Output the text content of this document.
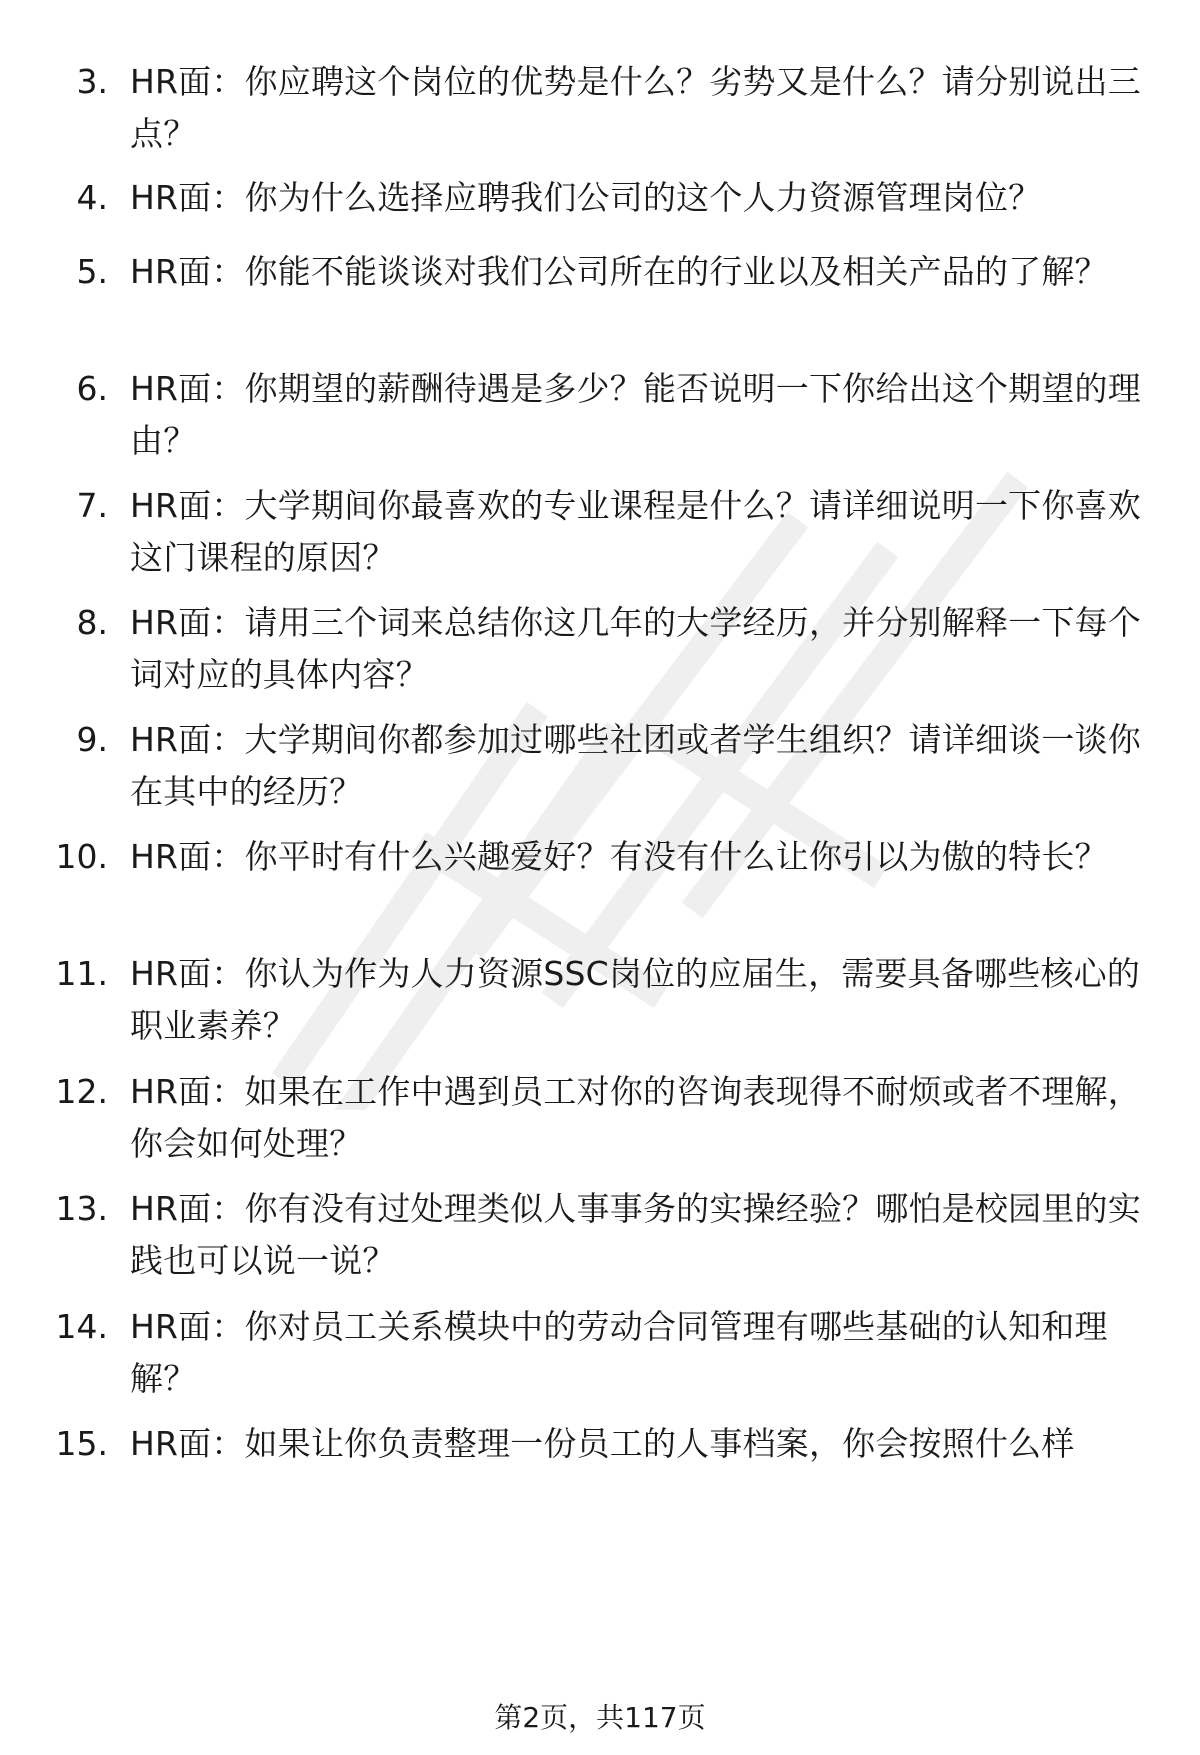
3. HR面：你应聘这个岗位的优势是什么？劣势又是什么？请分别说出三点？
4. HR面：你为什么选择应聘我们公司的这个人力资源管理岗位？
5. HR面：你能不能谈谈对我们公司所在的行业以及相关产品的了解？
6. HR面：你期望的薪酬待遇是多少？能否说明一下你给出这个期望的理由？
7. HR面：大学期间你最喜欢的专业课程是什么？请详细说明一下你喜欢这门课程的原因？
8. HR面：请用三个词来总结你这几年的大学经历，并分别解释一下每个词对应的具体内容？
9. HR面：大学期间你都参加过哪些社团或者学生组织？请详细谈一谈你在其中的经历？
10. HR面：你平时有什么兴趣爱好？有没有什么让你引以为傲的特长？
11. HR面：你认为作为人力资源SSC岗位的应届生，需要具备哪些核心的职业素养？
12. HR面：如果在工作中遇到员工对你的咨询表现得不耐烦或者不理解，你会如何处理？
13. HR面：你有没有过处理类似人事事务的实操经验？哪怕是校园里的实践也可以说一说？
14. HR面：你对员工关系模块中的劳动合同管理有哪些基础的认知和理解？
15. HR面：如果让你负责整理一份员工的人事档案，你会按照什么样
第2页，共117页
